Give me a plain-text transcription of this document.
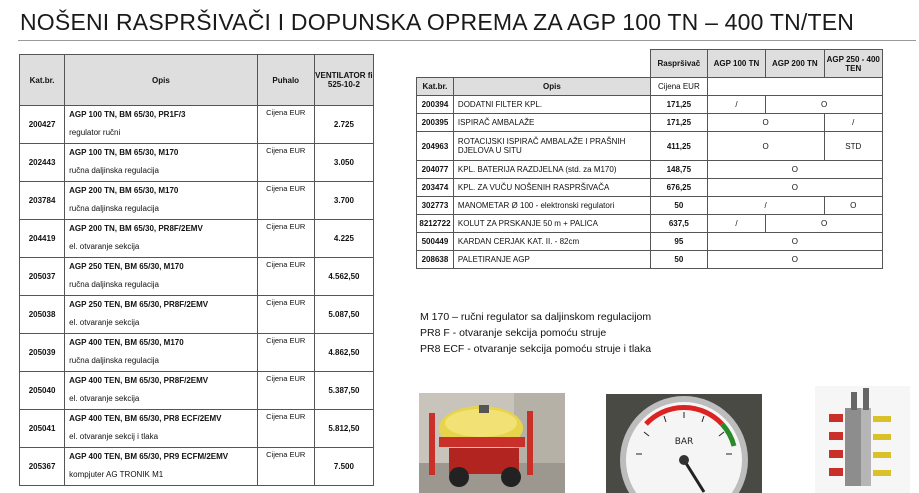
NOŠENI RASPRŠIVAČI I DOPUNSKA OPREMA ZA AGP 100 TN – 400 TN/TEN
Kat.br.	Opis	Puhalo	VENTILATOR fi 525-10-2
200427	AGP 100 TN, BM 65/30, PR1F/3
regulator ručni	Cijena EUR	2.725
202443	AGP 100 TN, BM 65/30, M170
ručna daljinska regulacija	Cijena EUR	3.050
203784	AGP 200 TN, BM 65/30, M170
ručna daljinska regulacija	Cijena EUR	3.700
204419	AGP 200 TN, BM 65/30, PR8F/2EMV
el. otvaranje sekcija	Cijena EUR	4.225
205037	AGP 250 TEN, BM 65/30, M170
ručna daljinska regulacija	Cijena EUR	4.562,50
205038	AGP 250 TEN, BM 65/30, PR8F/2EMV
el. otvaranje sekcija	Cijena EUR	5.087,50
205039	AGP 400 TEN, BM 65/30, M170
ručna daljinska regulacija	Cijena EUR	4.862,50
205040	AGP 400 TEN, BM 65/30, PR8F/2EMV
el. otvaranje sekcija	Cijena EUR	5.387,50
205041	AGP 400 TEN, BM 65/30, PR8 ECF/2EMV
el. otvaranje sekcij i tlaka	Cijena EUR	5.812,50
205367	AGP 400 TEN, BM 65/30, PR9 ECFM/2EMV
kompjuter AG TRONIK M1	Cijena EUR	7.500
		Raspršivač	AGP 100 TN	AGP 200 TN	AGP 250 - 400 TEN
Kat.br.	Opis	Cijena EUR			
200394	DODATNI FILTER KPL.	171,25	/	O	
200395	ISPIRAČ AMBALAŽE	171,25	O		/
204963	ROTACIJSKI ISPIRAČ AMBALAŽE I PRAŠNIH DJELOVA U SITU	411,25	O		STD
204077	KPL. BATERIJA RAZDJELNA (std. za M170)	148,75	O		
203474	KPL. ZA VUČU NOŠENIH RASPRŠIVAČA	676,25	O		
302773	MANOMETAR Ø 100 - elektronski regulatori	50	/		O
8212722	KOLUT ZA PRSKANJE 50 m + PALICA	637,5	/	O	
500449	KARDAN CERJAK KAT. II. - 82cm	95	O		
208638	PALETIRANJE AGP	50	O		
M 170 – ručni regulator sa daljinskom regulacijom
PR8 F - otvaranje sekcija pomoću struje
PR8 ECF - otvaranje sekcija pomoću struje i tlaka
BAR
